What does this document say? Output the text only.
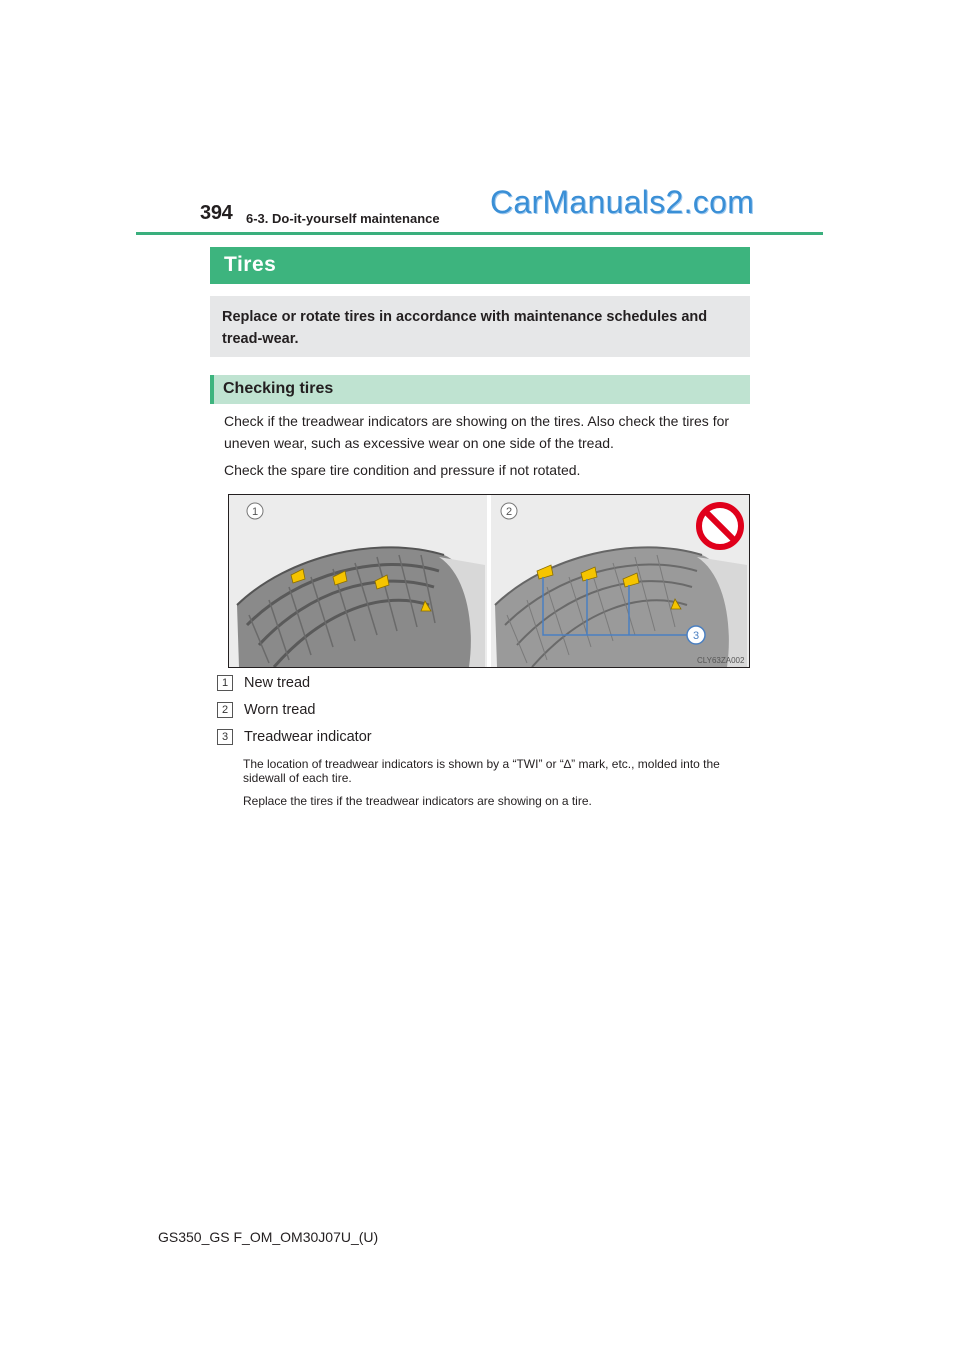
394 6-3. Do-it-yourself maintenance CarManuals2.com
Tires
Replace or rotate tires in accordance with maintenance schedules and tread-wear.
Checking tires
Check if the treadwear indicators are showing on the tires. Also check the tires for uneven wear, such as excessive wear on one side of the tread.
Check the spare tire condition and pressure if not rotated.
1	2
3
CLY63ZA002
1 New tread
2 Worn tread
3 Treadwear indicator
The location of treadwear indicators is shown by a “TWI” or “∆” mark, etc., molded into the sidewall of each tire.
Replace the tires if the treadwear indicators are showing on a tire.
GS350_GS F_OM_OM30J07U_(U)
